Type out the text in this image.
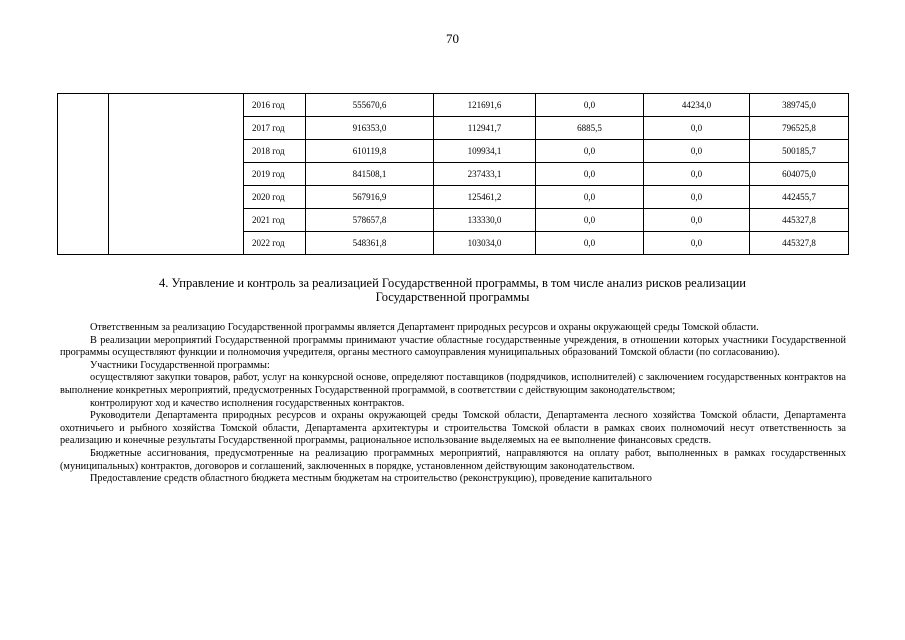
70
		2016 год	555670,6	121691,6	0,0	44234,0	389745,0
		2017 год	916353,0	112941,7	6885,5	0,0	796525,8
		2018 год	610119,8	109934,1	0,0	0,0	500185,7
		2019 год	841508,1	237433,1	0,0	0,0	604075,0
		2020 год	567916,9	125461,2	0,0	0,0	442455,7
		2021 год	578657,8	133330,0	0,0	0,0	445327,8
		2022 год	548361,8	103034,0	0,0	0,0	445327,8
4. Управление и контроль за реализацией Государственной программы, в том числе анализ рисков реализации
Государственной программы

Ответственным за реализацию Государственной программы является Департамент природных ресурсов и охраны окружающей среды Томской области.

В реализации мероприятий Государственной программы принимают участие областные государственные учреждения, в отношении которых участники Государственной программы осуществляют функции и полномочия учредителя, органы местного самоуправления муниципальных образований Томской области (по согласованию).

Участники Государственной программы:

осуществляют закупки товаров, работ, услуг на конкурсной основе, определяют поставщиков (подрядчиков, исполнителей) с заключением государственных контрактов на выполнение конкретных мероприятий, предусмотренных Государственной программой, в соответствии с действующим законодательством;

контролируют ход и качество исполнения государственных контрактов.

Руководители Департамента природных ресурсов и охраны окружающей среды Томской области, Департамента лесного хозяйства Томской области, Департамента охотничьего и рыбного хозяйства Томской области, Департамента архитектуры и строительства Томской области в рамках своих полномочий несут ответственность за реализацию и конечные результаты Государственной программы, рациональное использование выделяемых на ее выполнение финансовых средств.

Бюджетные ассигнования, предусмотренные на реализацию программных мероприятий, направляются на оплату работ, выполненных в рамках государственных (муниципальных) контрактов, договоров и соглашений, заключенных в порядке, установленном действующим законодательством.

Предоставление средств областного бюджета местным бюджетам на строительство (реконструкцию), проведение капитального
